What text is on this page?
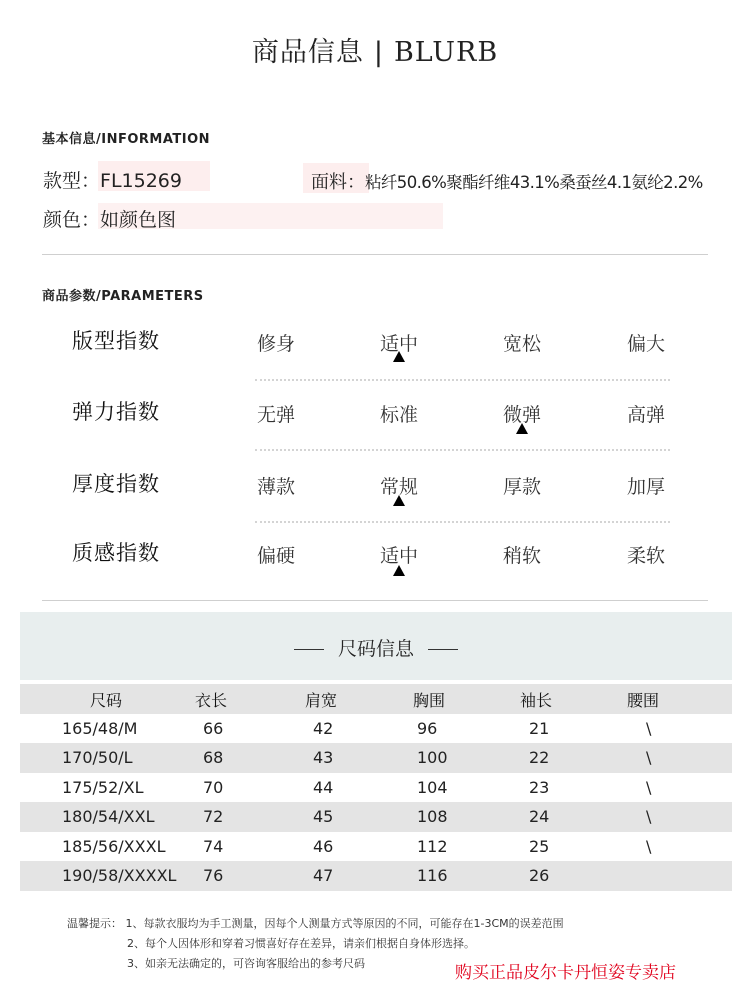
商品信息 | BLURB
基本信息/INFORMATION
款型：FL15269	面料：粘纤50.6%聚酯纤维43.1%桑蚕丝4.1氨纶2.2%
颜色：如颜色图
商品参数/PARAMETERS
版型指数	修身	适中	宽松	偏大
弹力指数	无弹	标准	微弹	高弹
厚度指数	薄款	常规	厚款	加厚
质感指数	偏硬	适中	稍软	柔软
尺码信息
尺码	衣长	肩宽	胸围	袖长	腰围
165/48/M	66	42	96	21	\
170/50/L	68	43	100	22	\
175/52/XL	70	44	104	23	\
180/54/XXL	72	45	108	24	\
185/56/XXXL 74	46	112	25	\
190/58/XXXXL 76	47	116	26
温馨提示： 1、每款衣服均为手工测量，因每个人测量方式等原因的不同，可能存在1-3CM的误差范围
2、每个人因体形和穿着习惯喜好存在差异，请亲们根据自身体形选择。
3、如亲无法确定的，可咨询客服给出的参考尺码	购买正品皮尔卡丹恒姿专卖店
